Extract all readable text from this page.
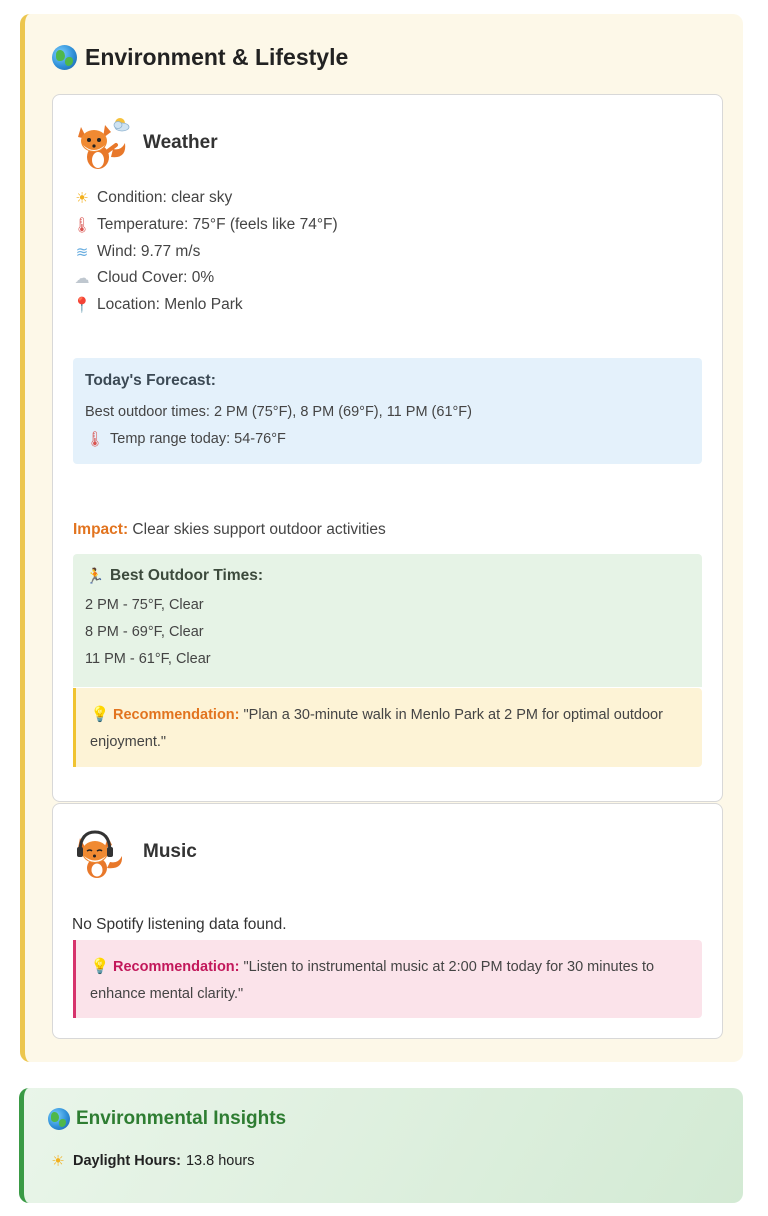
Environment & Lifestyle
Weather
☀ Condition: clear sky
🌡 Temperature: 75°F (feels like 74°F)
≋ Wind: 9.77 m/s
☁ Cloud Cover: 0%
📍 Location: Menlo Park
Today's Forecast:
Best outdoor times: 2 PM (75°F), 8 PM (69°F), 11 PM (61°F)
🌡 Temp range today: 54-76°F
Impact: Clear skies support outdoor activities
🏃 Best Outdoor Times:
2 PM - 75°F, Clear
8 PM - 69°F, Clear
11 PM - 61°F, Clear
💡 Recommendation: "Plan a 30-minute walk in Menlo Park at 2 PM for optimal outdoor enjoyment."
Music
No Spotify listening data found.
💡 Recommendation: "Listen to instrumental music at 2:00 PM today for 30 minutes to enhance mental clarity."
Environmental Insights
☀ Daylight Hours: 13.8 hours
